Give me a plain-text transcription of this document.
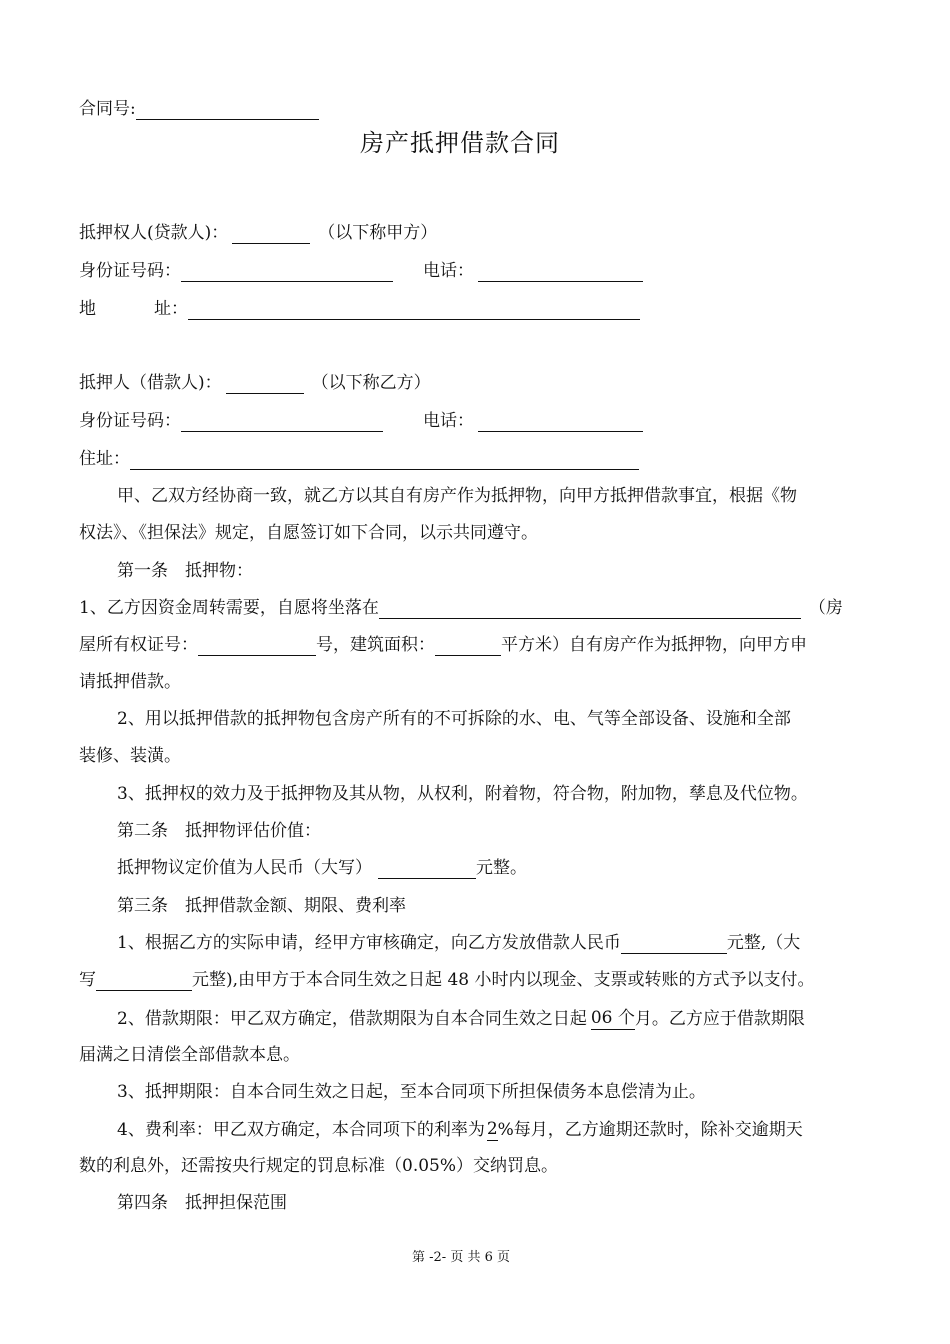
合同号:
房产抵押借款合同
抵押权人(贷款人)：	（以下称甲方）
身份证号码：	电话：
地	址：
抵押人（借款人)：	（以下称乙方）
身份证号码：	电话：
住址：
甲、乙双方经协商一致，就乙方以其自有房产作为抵押物，向甲方抵押借款事宜，根据《物
权法》、《担保法》规定，自愿签订如下合同，以示共同遵守。
第一条　抵押物：
1、乙方因资金周转需要，自愿将坐落在	（房
屋所有权证号：	号，建筑面积：	平方米）自有房产作为抵押物，向甲方申
请抵押借款。
2、用以抵押借款的抵押物包含房产所有的不可拆除的水、电、气等全部设备、设施和全部
装修、装潢。
3、抵押权的效力及于抵押物及其从物，从权利，附着物，符合物，附加物，孳息及代位物。
第二条　抵押物评估价值：
抵押物议定价值为人民币（大写）	元整。
第三条　抵押借款金额、期限、费利率
1、根据乙方的实际申请，经甲方审核确定，向乙方发放借款人民币	元整,（大
写	元整),由甲方于本合同生效之日起 48 小时内以现金、支票或转账的方式予以支付。
2、借款期限：甲乙双方确定，借款期限为自本合同生效之日起 06 个月。乙方应于借款期限
届满之日清偿全部借款本息。
3、抵押期限：自本合同生效之日起，至本合同项下所担保债务本息偿清为止。
4、费利率：甲乙双方确定，本合同项下的利率为 2%每月，乙方逾期还款时，除补交逾期天
数的利息外，还需按央行规定的罚息标准（0.05%）交纳罚息。
第四条　抵押担保范围
第 -2- 页 共 6 页
